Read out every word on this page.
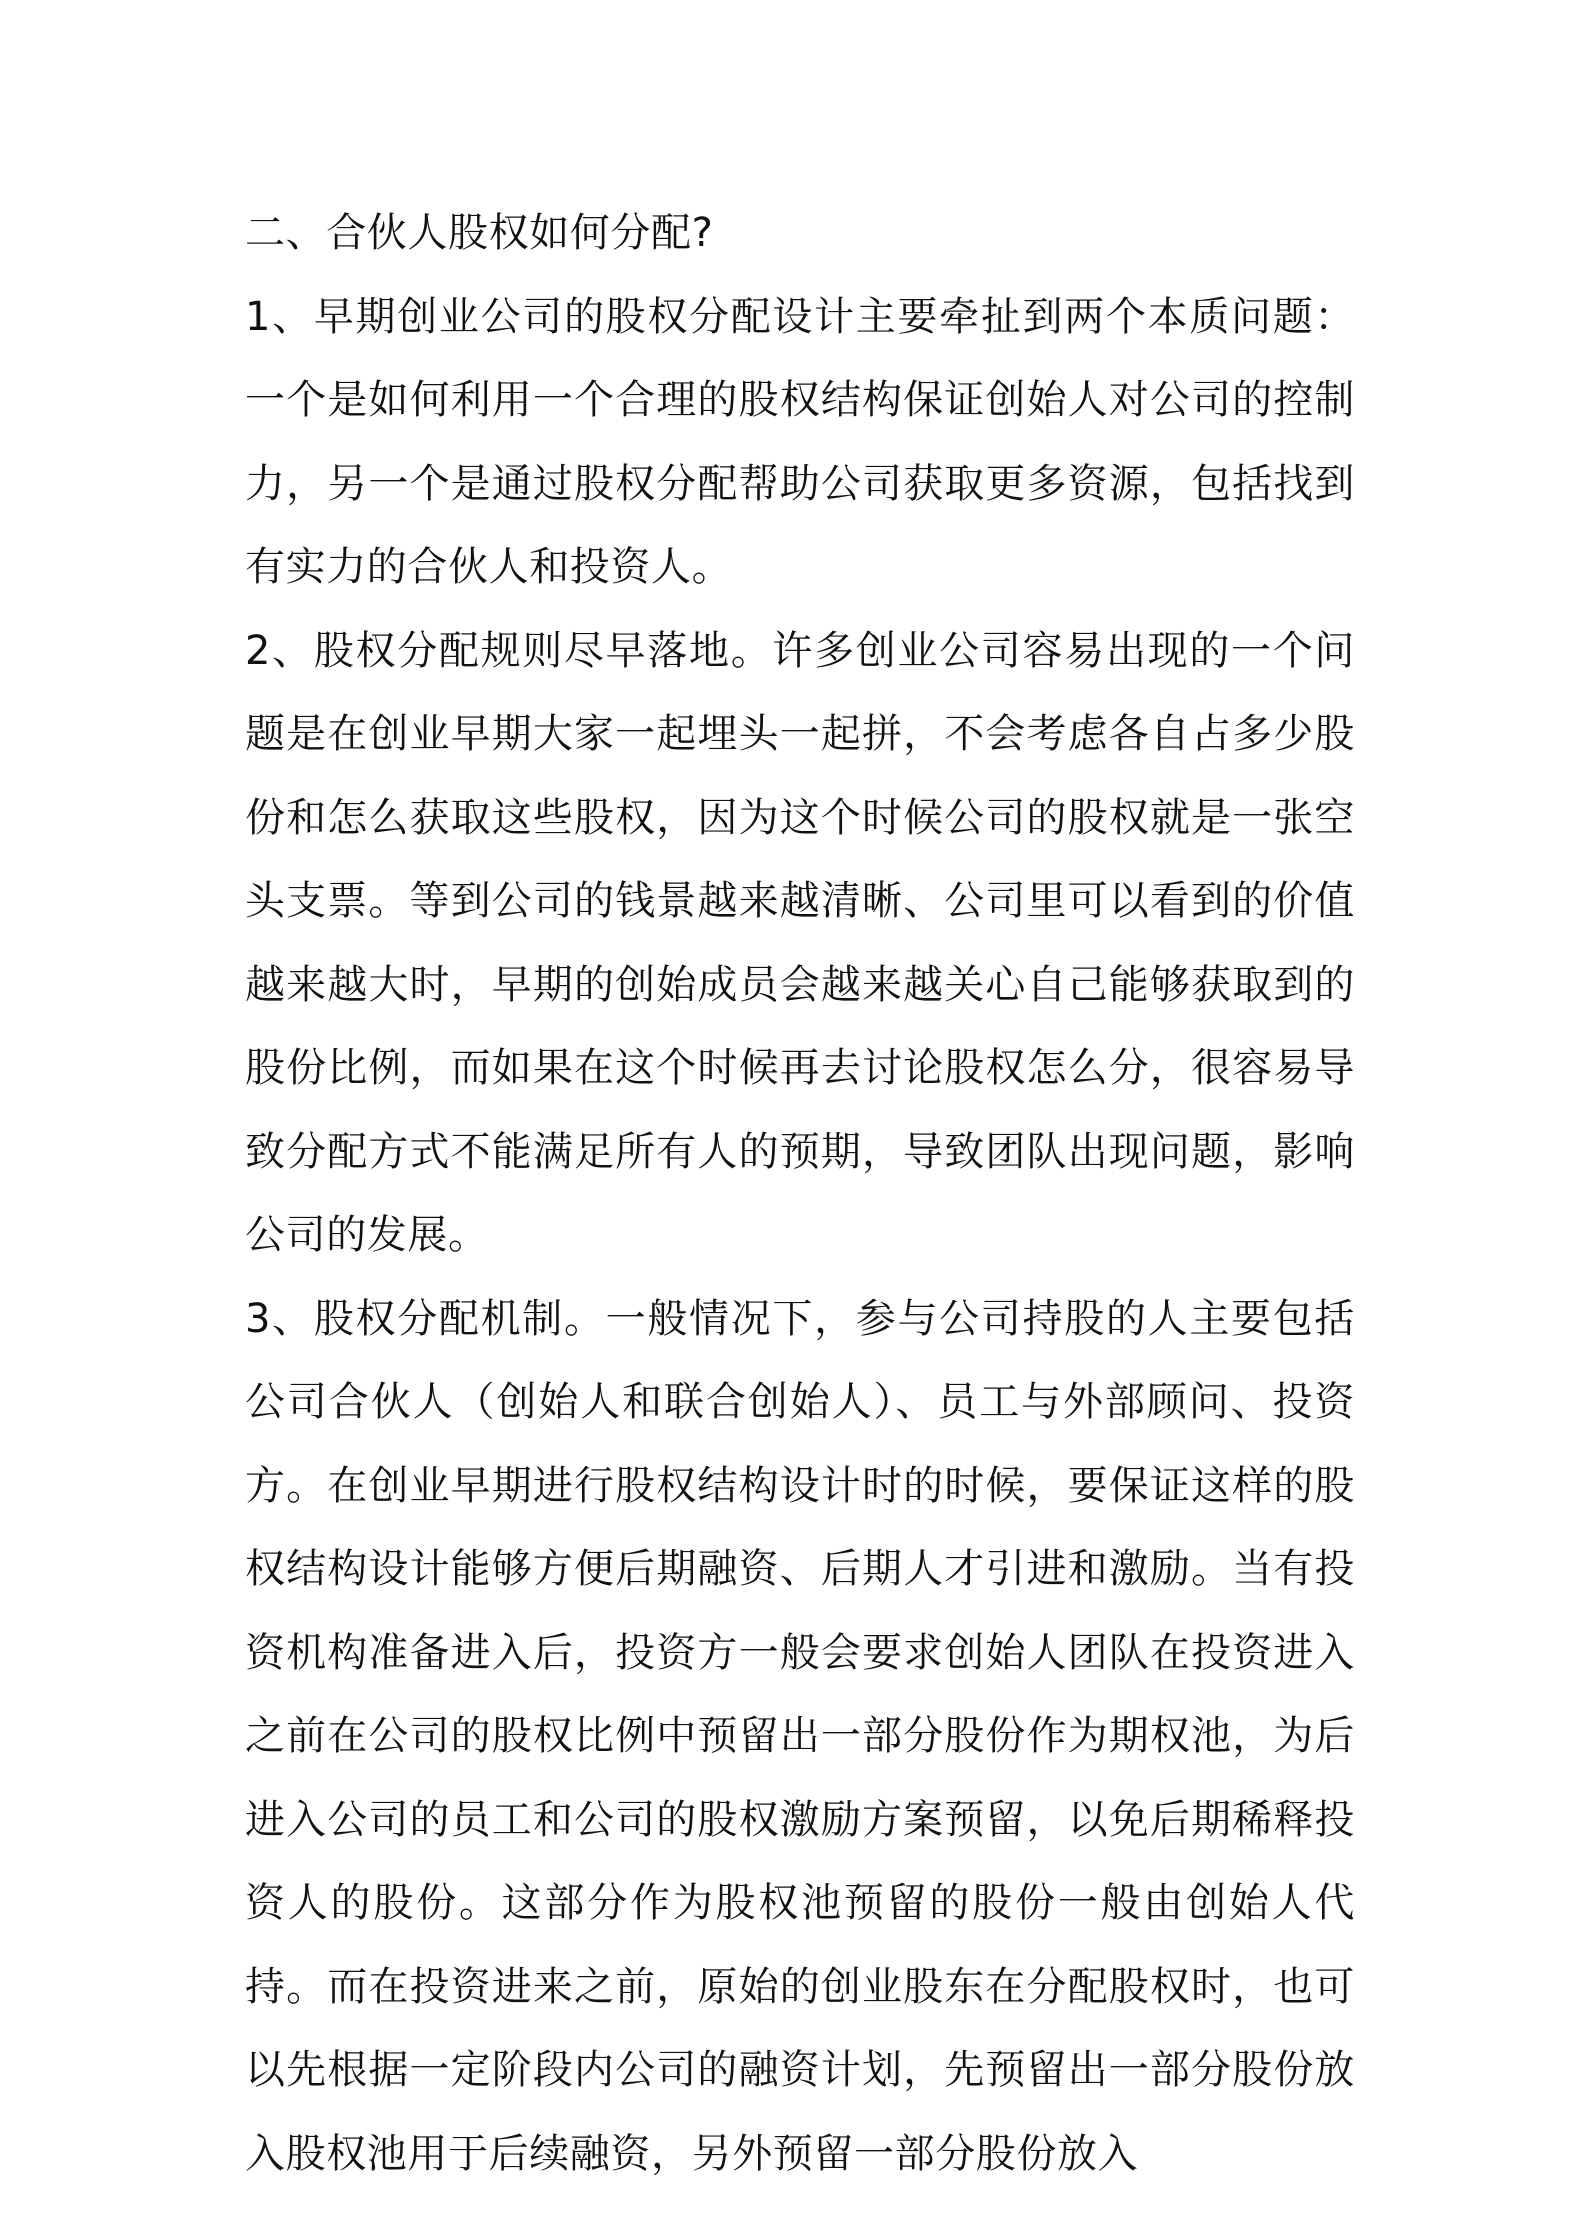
二、合伙人股权如何分配?

1、早期创业公司的股权分配设计主要牵扯到两个本质问题：一个是如何利用一个合理的股权结构保证创始人对公司的控制力，另一个是通过股权分配帮助公司获取更多资源，包括找到有实力的合伙人和投资人。

2、股权分配规则尽早落地。许多创业公司容易出现的一个问题是在创业早期大家一起埋头一起拼，不会考虑各自占多少股份和怎么获取这些股权，因为这个时候公司的股权就是一张空头支票。等到公司的钱景越来越清晰、公司里可以看到的价值越来越大时，早期的创始成员会越来越关心自己能够获取到的股份比例，而如果在这个时候再去讨论股权怎么分，很容易导致分配方式不能满足所有人的预期，导致团队出现问题，影响公司的发展。

3、股权分配机制。一般情况下，参与公司持股的人主要包括公司合伙人（创始人和联合创始人）、员工与外部顾问、投资方。在创业早期进行股权结构设计时的时候，要保证这样的股权结构设计能够方便后期融资、后期人才引进和激励。当有投资机构准备进入后，投资方一般会要求创始人团队在投资进入之前在公司的股权比例中预留出一部分股份作为期权池，为后进入公司的员工和公司的股权激励方案预留，以免后期稀释投资人的股份。这部分作为股权池预留的股份一般由创始人代持。而在投资进来之前，原始的创业股东在分配股权时，也可以先根据一定阶段内公司的融资计划，先预留出一部分股份放入股权池用于后续融资，另外预留一部分股份放入
